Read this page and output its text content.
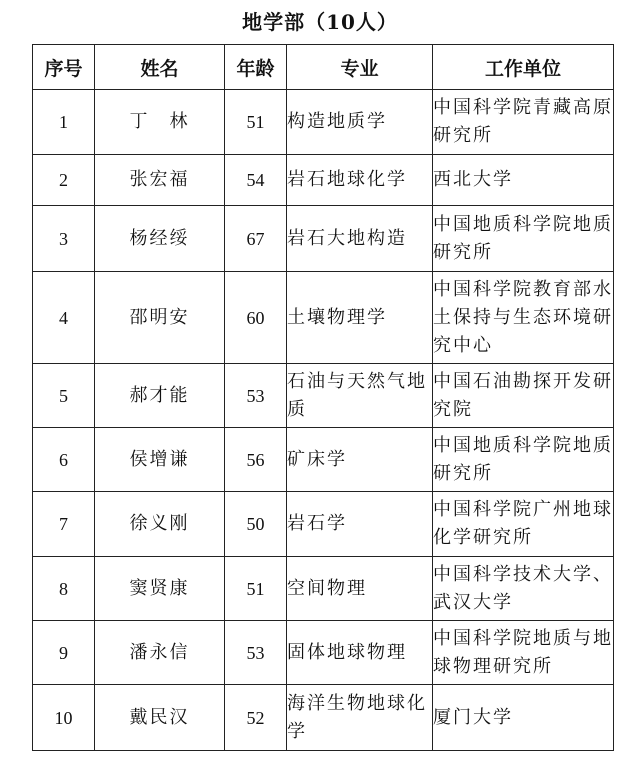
地学部（10人）
序号	姓名	年龄	专业	工作单位
1	丁　林	51	构造地质学	中国科学院青藏高原研究所
2	张宏福	54	岩石地球化学	西北大学
3	杨经绥	67	岩石大地构造	中国地质科学院地质研究所
4	邵明安	60	土壤物理学	中国科学院教育部水土保持与生态环境研究中心
5	郝才能	53	石油与天然气地质	中国石油勘探开发研究院
6	侯增谦	56	矿床学	中国地质科学院地质研究所
7	徐义刚	50	岩石学	中国科学院广州地球化学研究所
8	窦贤康	51	空间物理	中国科学技术大学、武汉大学
9	潘永信	53	固体地球物理	中国科学院地质与地球物理研究所
10	戴民汉	52	海洋生物地球化学	厦门大学
